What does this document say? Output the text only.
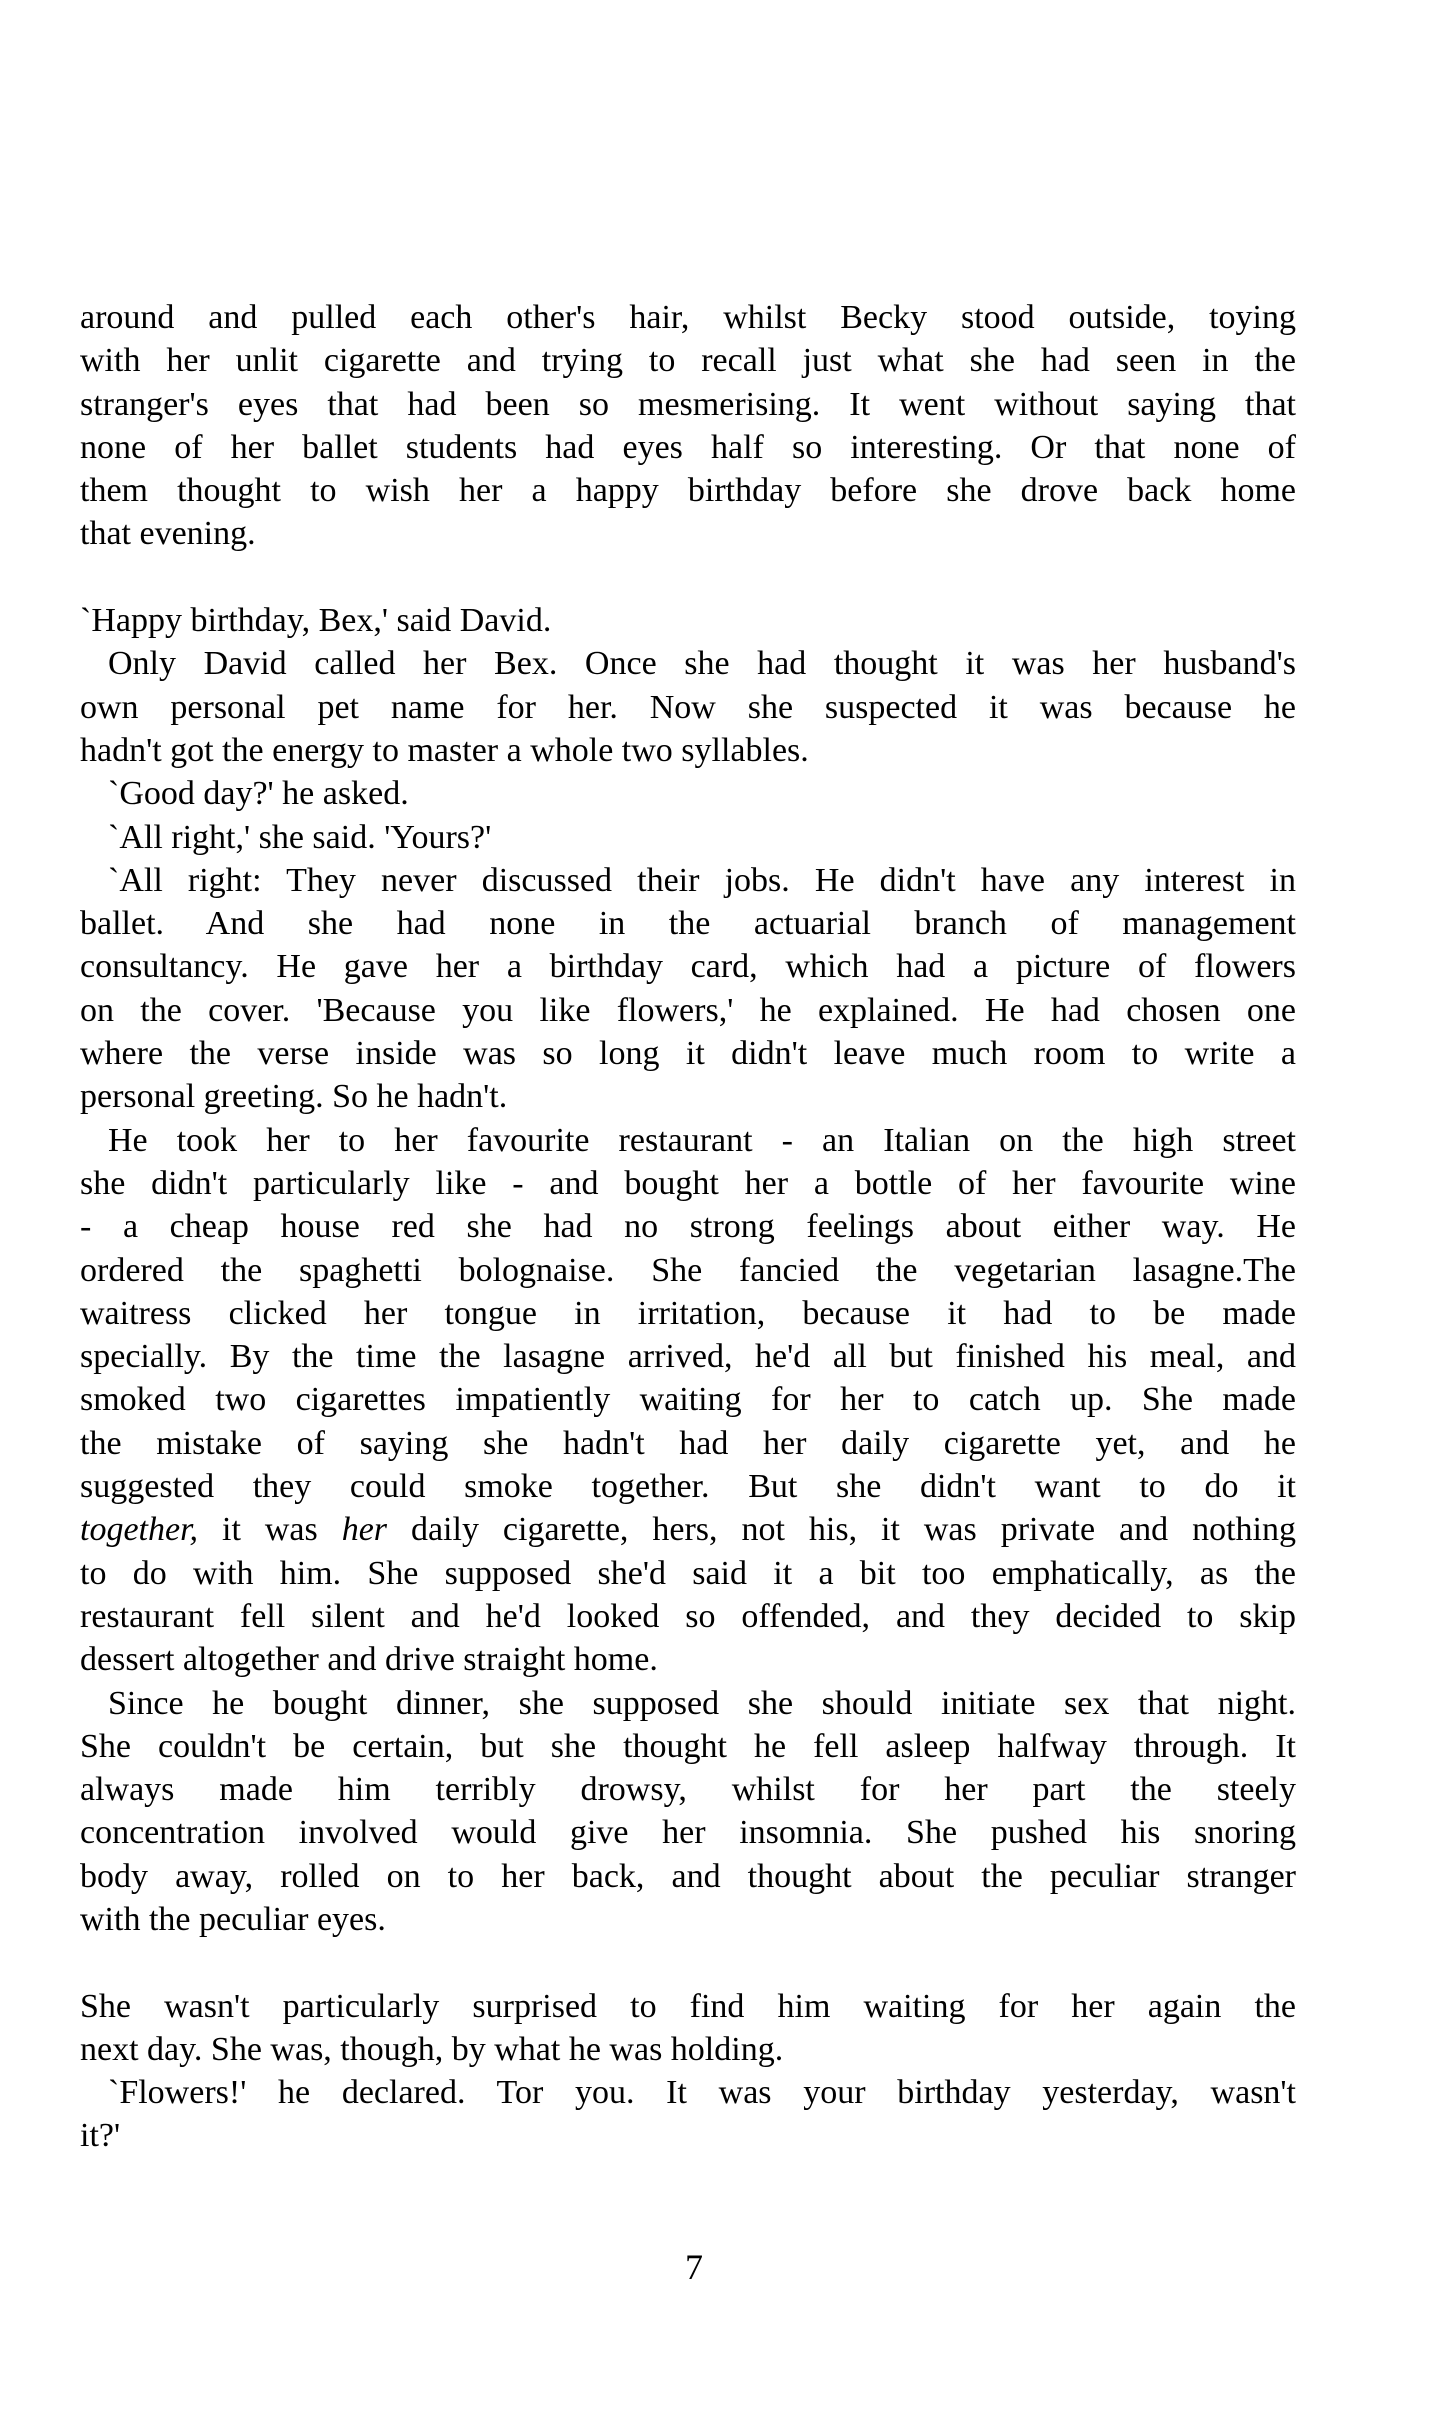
around and pulled each other's hair, whilst Becky stood outside, toying
with her unlit cigarette and trying to recall just what she had seen in the
stranger's eyes that had been so mesmerising. It went without saying that
none of her ballet students had eyes half so interesting. Or that none of
them thought to wish her a happy birthday before she drove back home
that evening.

`Happy birthday, Bex,' said David.
Only David called her Bex. Once she had thought it was her husband's
own personal pet name for her. Now she suspected it was because he
hadn't got the energy to master a whole two syllables.
`Good day?' he asked.
`All right,' she said. 'Yours?'
`All right: They never discussed their jobs. He didn't have any interest in
ballet. And she had none in the actuarial branch of management
consultancy. He gave her a birthday card, which had a picture of flowers
on the cover. 'Because you like flowers,' he explained. He had chosen one
where the verse inside was so long it didn't leave much room to write a
personal greeting. So he hadn't.
He took her to her favourite restaurant - an Italian on the high street
she didn't particularly like - and bought her a bottle of her favourite wine
- a cheap house red she had no strong feelings about either way. He
ordered the spaghetti bolognaise. She fancied the vegetarian lasagne.The
waitress clicked her tongue in irritation, because it had to be made
specially. By the time the lasagne arrived, he'd all but finished his meal, and
smoked two cigarettes impatiently waiting for her to catch up. She made
the mistake of saying she hadn't had her daily cigarette yet, and he
suggested they could smoke together. But she didn't want to do it
together, it was her daily cigarette, hers, not his, it was private and nothing
to do with him. She supposed she'd said it a bit too emphatically, as the
restaurant fell silent and he'd looked so offended, and they decided to skip
dessert altogether and drive straight home.
Since he bought dinner, she supposed she should initiate sex that night.
She couldn't be certain, but she thought he fell asleep halfway through. It
always made him terribly drowsy, whilst for her part the steely
concentration involved would give her insomnia. She pushed his snoring
body away, rolled on to her back, and thought about the peculiar stranger
with the peculiar eyes.

She wasn't particularly surprised to find him waiting for her again the
next day. She was, though, by what he was holding.
`Flowers!' he declared. Tor you. It was your birthday yesterday, wasn't
it?'
7
